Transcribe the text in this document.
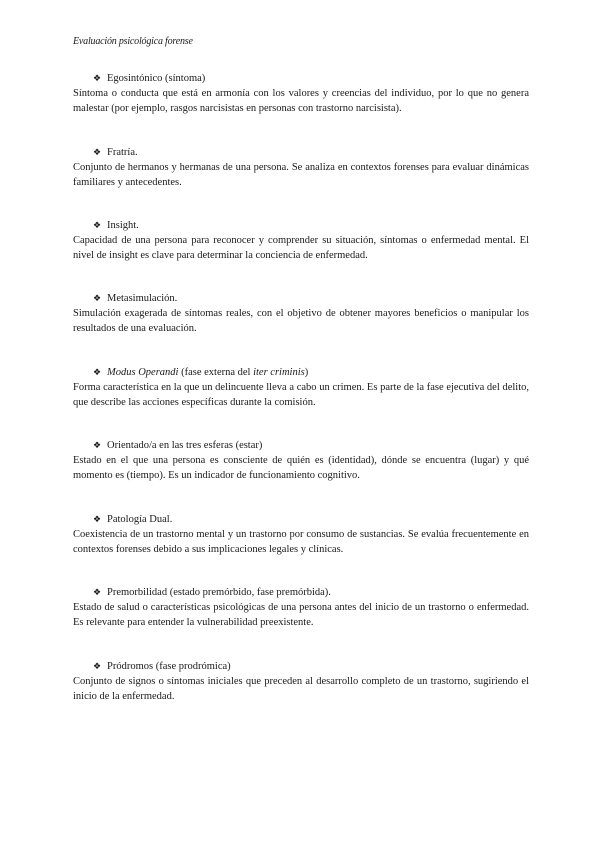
Evaluación psicológica forense
❖ Egosintónico (síntoma)
Síntoma o conducta que está en armonía con los valores y creencias del individuo, por lo que no genera malestar (por ejemplo, rasgos narcisistas en personas con trastorno narcisista).
❖ Fratría.
Conjunto de hermanos y hermanas de una persona. Se analiza en contextos forenses para evaluar dinámicas familiares y antecedentes.
❖ Insight.
Capacidad de una persona para reconocer y comprender su situación, síntomas o enfermedad mental. El nivel de insight es clave para determinar la conciencia de enfermedad.
❖ Metasimulación.
Simulación exagerada de síntomas reales, con el objetivo de obtener mayores beneficios o manipular los resultados de una evaluación.
❖ Modus Operandi (fase externa del iter criminis)
Forma característica en la que un delincuente lleva a cabo un crimen. Es parte de la fase ejecutiva del delito, que describe las acciones específicas durante la comisión.
❖ Orientado/a en las tres esferas (estar)
Estado en el que una persona es consciente de quién es (identidad), dónde se encuentra (lugar) y qué momento es (tiempo). Es un indicador de funcionamiento cognitivo.
❖ Patología Dual.
Coexistencia de un trastorno mental y un trastorno por consumo de sustancias. Se evalúa frecuentemente en contextos forenses debido a sus implicaciones legales y clínicas.
❖ Premorbilidad (estado premórbido, fase premórbida).
Estado de salud o características psicológicas de una persona antes del inicio de un trastorno o enfermedad. Es relevante para entender la vulnerabilidad preexistente.
❖ Pródromos (fase prodrómica)
Conjunto de signos o síntomas iniciales que preceden al desarrollo completo de un trastorno, sugiriendo el inicio de la enfermedad.
